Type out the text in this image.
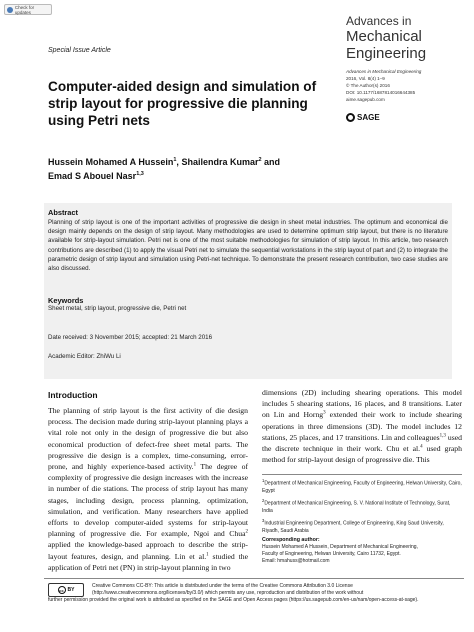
Check for updates
Advances in
Mechanical
Engineering
Advances in Mechanical Engineering
2016, Vol. 8(4) 1–9
© The Author(s) 2016
DOI: 10.1177/1687814016644385
aime.sagepub.com
SAGE
Special Issue Article
Computer-aided design and simulation of strip layout for progressive die planning using Petri nets
Hussein Mohamed A Hussein$^1$, Shailendra Kumar$^2$ and
Emad S Abouel Nasr$^{1,3}$
Abstract
Planning of strip layout is one of the important activities of progressive die design in sheet metal industries. The optimum and economical die design mainly depends on the design of strip layout. Many methodologies are used to determine optimum strip layout, but there is no literature available for strip-layout simulation. Petri net is one of the most suitable methodologies for simulation of strip layout. In this article, two research contributions are described (1) to apply the visual Petri net to simulate the sequential workstations in the strip layout of part and (2) to integrate the parametric design of strip layout and simulation using Petri-net technique. To demonstrate the present research contribution, two case studies are also discussed.
Keywords
Sheet metal, strip layout, progressive die, Petri net
Date received: 3 November 2015; accepted: 21 March 2016
Academic Editor: ZhiWu Li
Introduction
The planning of strip layout is the first activity of die design process. The decision made during strip-layout planning plays a vital role not only in the design of progressive die but also economical production of defect-free sheet metal parts. The progressive die design is a complex, time-consuming, error-prone, and highly experience-based activity.$^1$ The degree of complexity of progressive die design increases with the increase in number of die stations. The process of strip layout has many stages, including design, process planning, optimization, simulation, and verification. Many researchers have applied efforts to develop computer-aided systems for strip-layout planning of progressive die. For example, Ngoi and Chua$^2$ applied the knowledge-based approach to describe the strip-layout features, design, and planning. Lin et al.$^1$ studied the application of Petri net (PN) in strip-layout planning in two
dimensions (2D) including shearing operations. This model includes 5 shearing stations, 16 places, and 8 transitions. Later on Lin and Horng$^3$ extended their work to include shearing operations in three dimensions (3D). The model includes 12 stations, 25 places, and 17 transitions. Lin and colleagues$^{1,3}$ used the discrete technique in their work. Chu et al.$^4$ used graph method for strip-layout design of progressive die. This

$^1$Department of Mechanical Engineering, Faculty of Engineering, Helwan University, Cairo, Egypt

$^2$Department of Mechanical Engineering, S. V. National Institute of Technology, Surat, India

$^3$Industrial Engineering Department, College of Engineering, King Saud University, Riyadh, Saudi Arabia

Corresponding author:
Hussein Mohamed A Hussein, Department of Mechanical Engineering,
Faculty of Engineering, Helwan University, Cairo 11732, Egypt.
Email: hmahuss@hotmail.com
cc BY
Creative Commons CC-BY: This article is distributed under the terms of the Creative Commons Attribution 3.0 License (http://www.creativecommons.org/licenses/by/3.0/) which permits any use, reproduction and distribution of the work without
further permission provided the original work is attributed as specified on the SAGE and Open Access pages (https://us.sagepub.com/en-us/nam/open-access-at-sage).
